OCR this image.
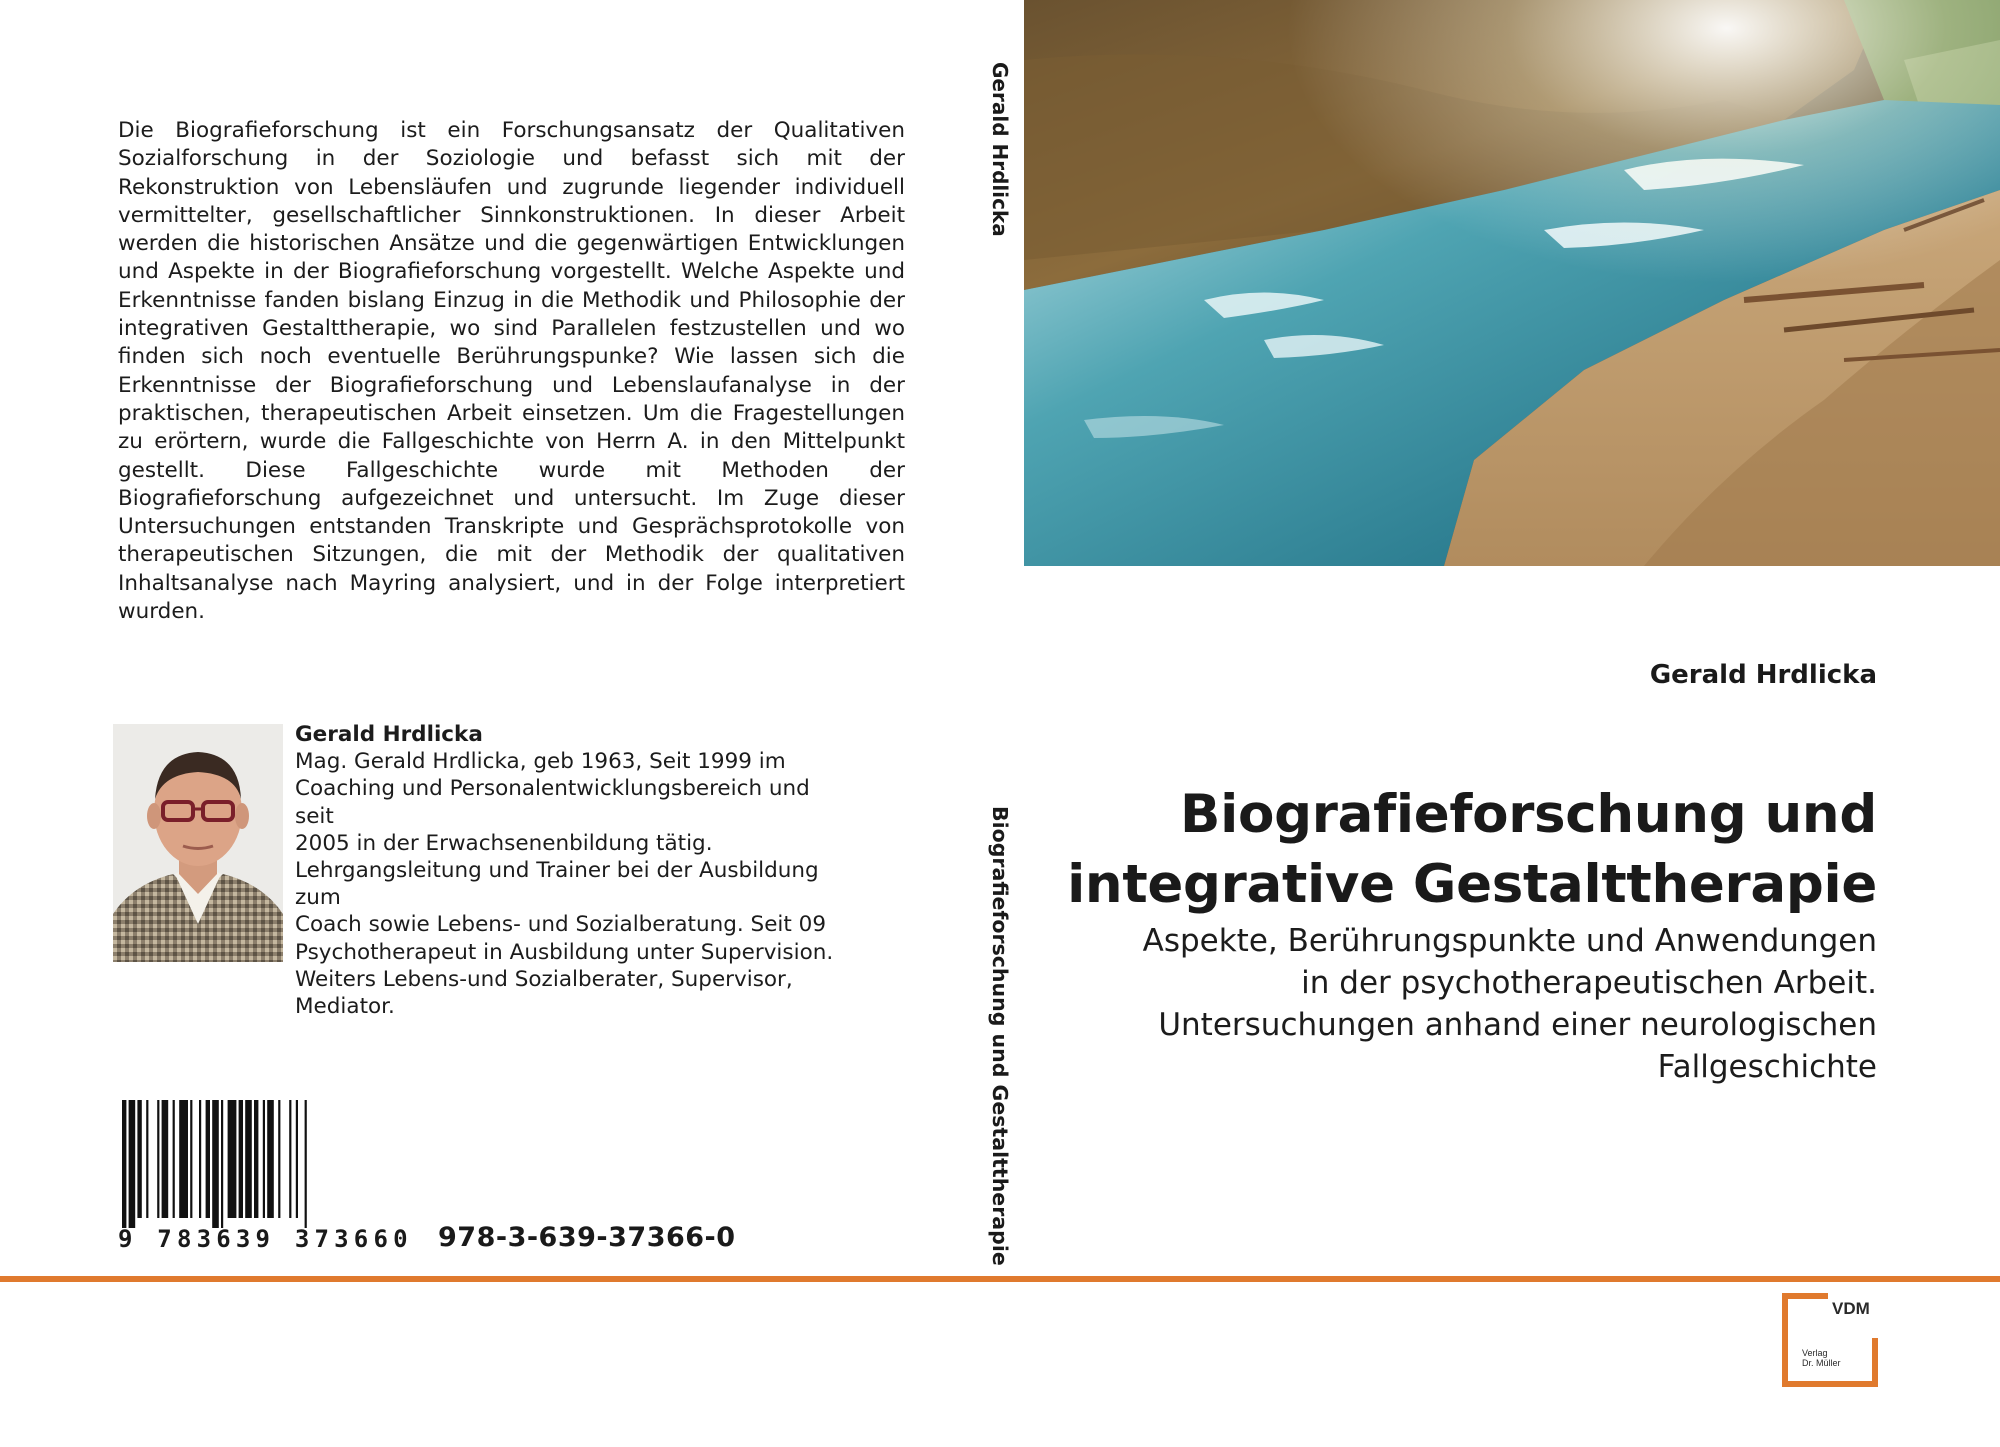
Die Biografieforschung ist ein Forschungsansatz der Qualitativen Sozialforschung in der Soziologie und befasst sich mit der Rekonstruktion von Lebensläufen und zugrunde liegender individuell vermittelter, gesellschaftlicher Sinnkonstruktionen. In dieser Arbeit werden die historischen Ansätze und die gegenwärtigen Entwicklungen und Aspekte in der Biografieforschung vorgestellt. Welche Aspekte und Erkenntnisse fanden bislang Einzug in die Methodik und Philosophie der integrativen Gestalttherapie, wo sind Parallelen festzustellen und wo finden sich noch eventuelle Berührungspunke? Wie lassen sich die Erkenntnisse der Biografieforschung und Lebenslaufanalyse in der praktischen, therapeutischen Arbeit einsetzen. Um die Fragestellungen zu erörtern, wurde die Fallgeschichte von Herrn A. in den Mittelpunkt gestellt. Diese Fallgeschichte wurde mit Methoden der Biografieforschung aufgezeichnet und untersucht. Im Zuge dieser Untersuchungen entstanden Transkripte und Gesprächsprotokolle von therapeutischen Sitzungen, die mit der Methodik der qualitativen Inhaltsanalyse nach Mayring analysiert, und in der Folge interpretiert wurden.
Gerald Hrdlicka
Mag. Gerald Hrdlicka, geb 1963, Seit 1999 im
Coaching und Personalentwicklungsbereich und seit
2005 in der Erwachsenenbildung tätig.
Lehrgangsleitung und Trainer bei der Ausbildung zum
Coach sowie Lebens- und Sozialberatung. Seit 09
Psychotherapeut in Ausbildung unter Supervision.
Weiters Lebens-und Sozialberater, Supervisor,
Mediator.
9 783639 373660 978-3-639-37366-0
Gerald Hrdlicka
Biografieforschung und Gestalttherapie
Gerald Hrdlicka
Biografieforschung und
integrative Gestalttherapie
Aspekte, Berührungspunkte und Anwendungen
in der psychotherapeutischen Arbeit.
Untersuchungen anhand einer neurologischen
Fallgeschichte
VDM
Verlag
Dr. Müller
